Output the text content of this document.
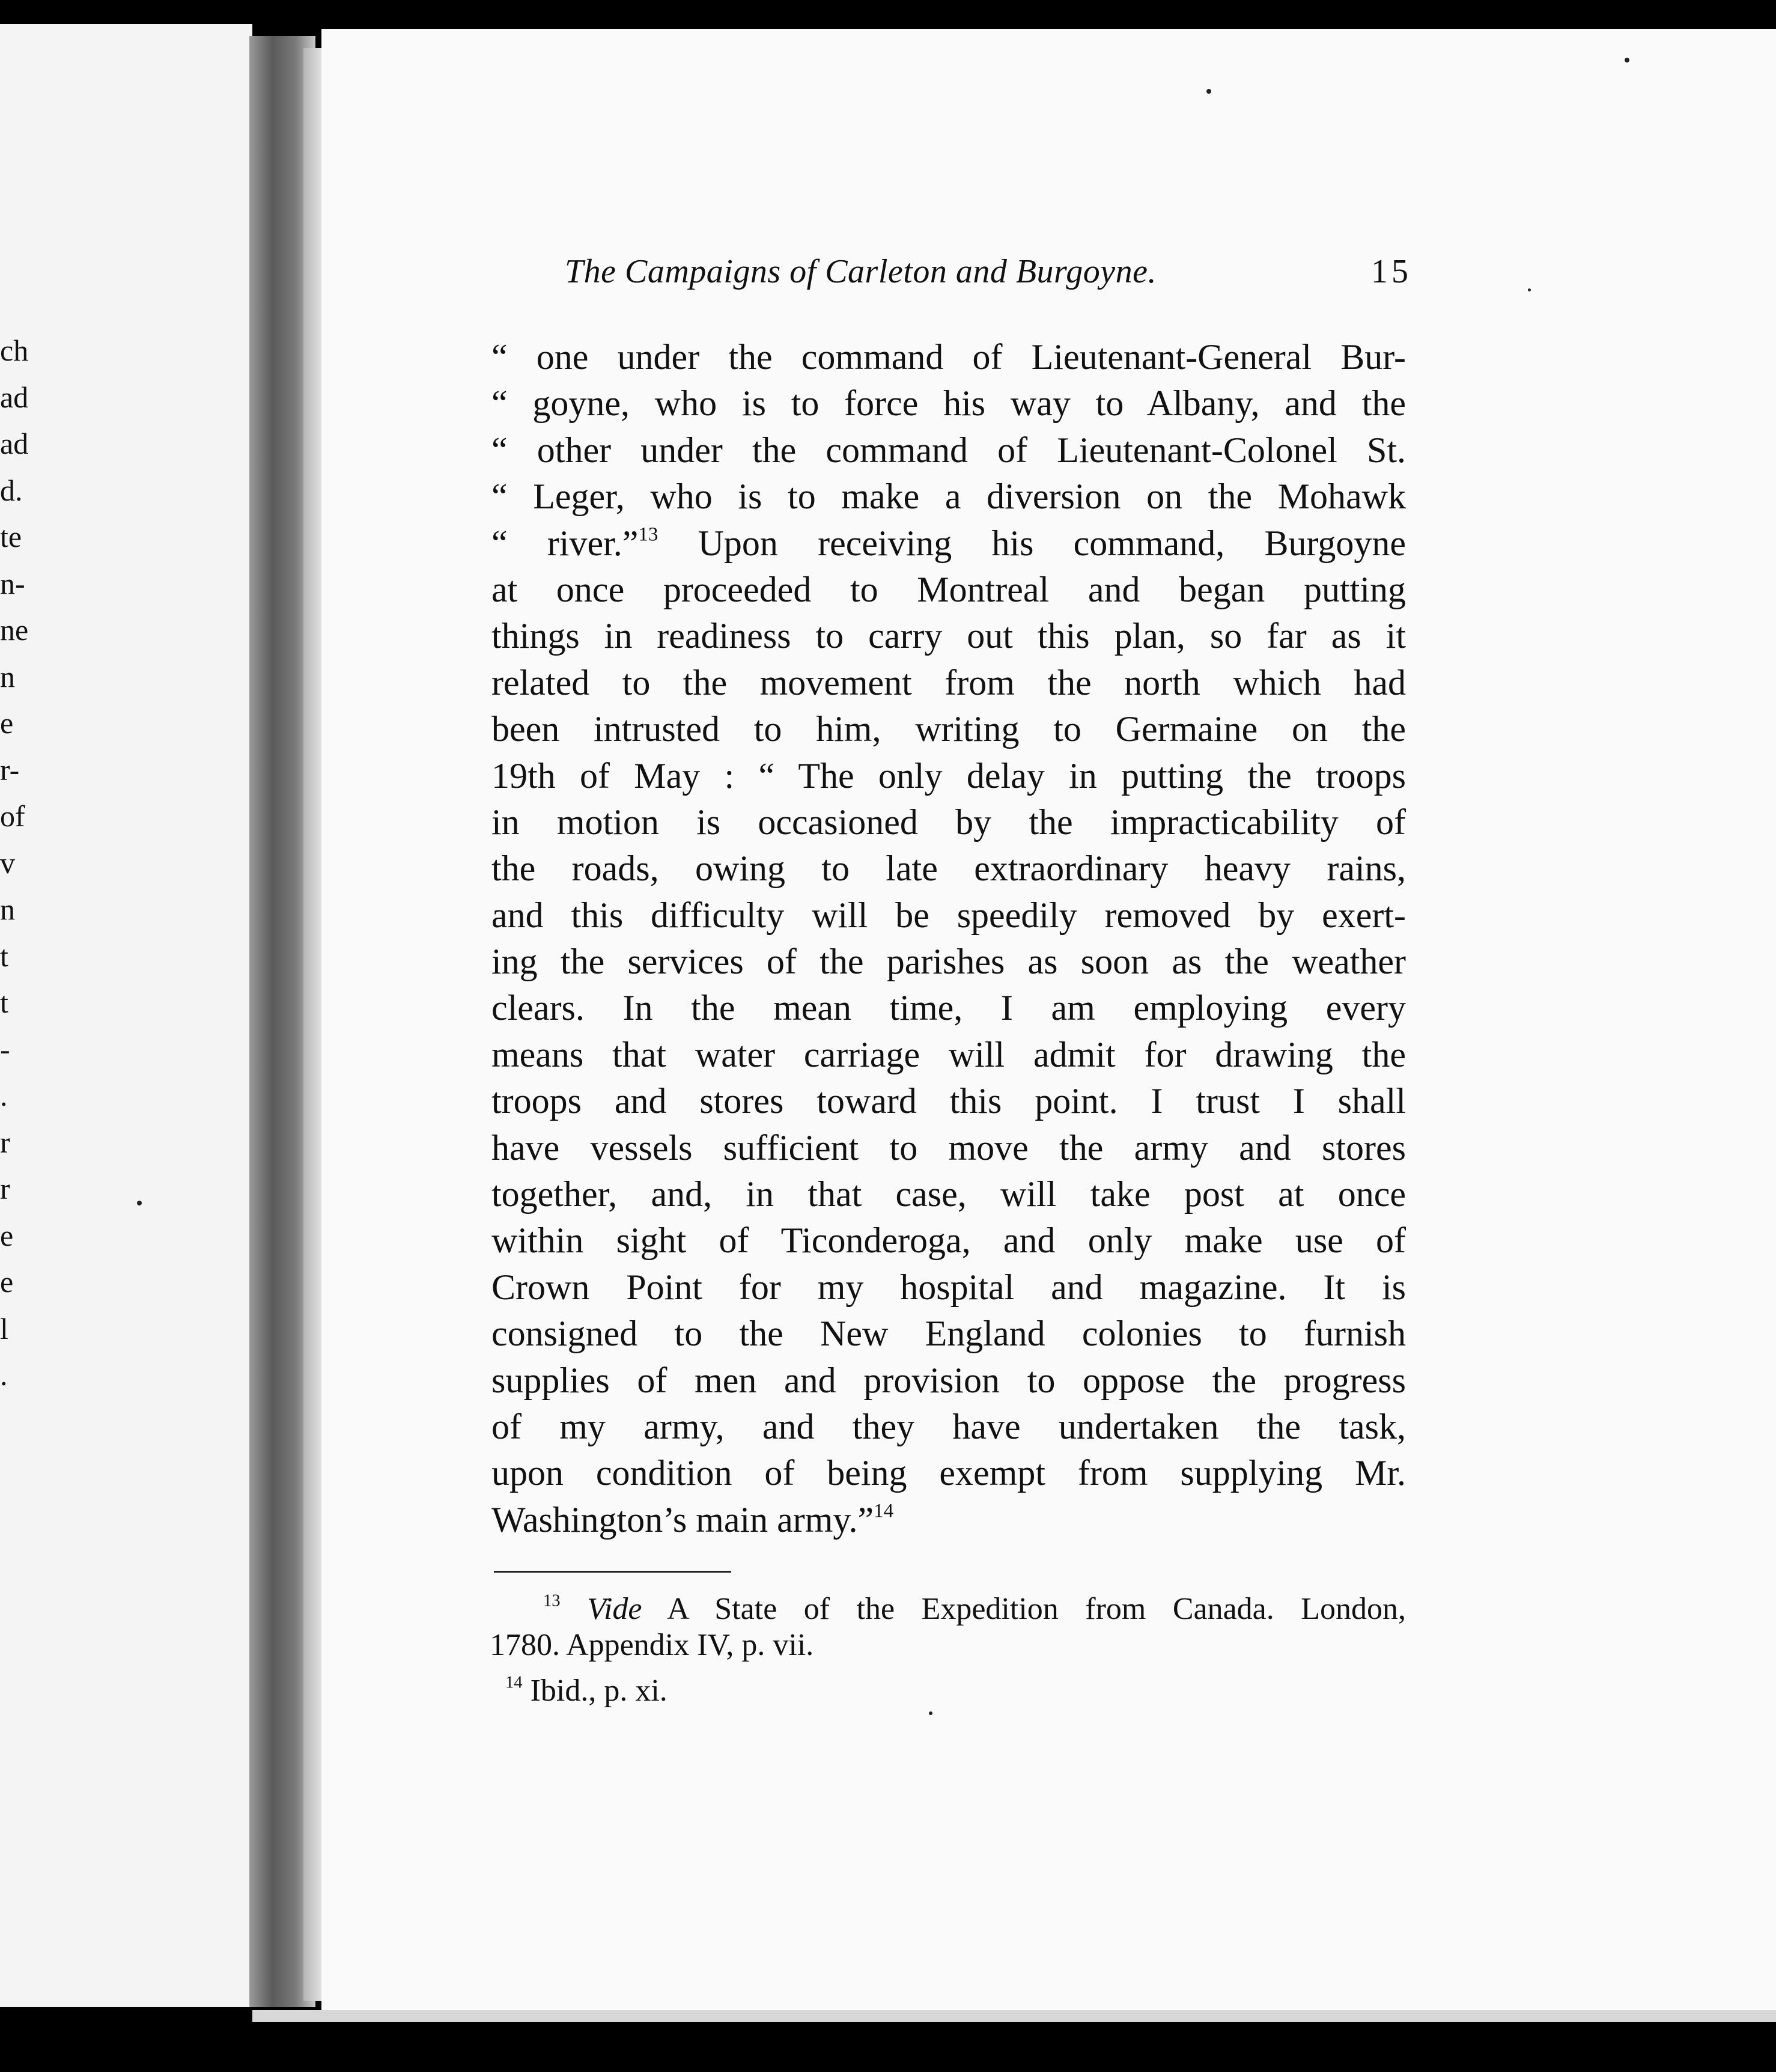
ch
ad
ad
d.
te
n-
ne
n
e
r-
of
v
n
t
t
-
.
r
r
e
e
l
.
The Campaigns of Carleton and Burgoyne.	15
“ one under the command of Lieutenant-General Bur-
“ goyne, who is to force his way to Albany, and the
“ other under the command of Lieutenant-Colonel St.
“ Leger, who is to make a diversion on the Mohawk
“ river.”$^{13}$ Upon receiving his command, Burgoyne
at once proceeded to Montreal and began putting
things in readiness to carry out this plan, so far as it
related to the movement from the north which had
been intrusted to him, writing to Germaine on the
19th of May : “ The only delay in putting the troops
in motion is occasioned by the impracticability of
the roads, owing to late extraordinary heavy rains,
and this difficulty will be speedily removed by exert-
ing the services of the parishes as soon as the weather
clears. In the mean time, I am employing every
means that water carriage will admit for drawing the
troops and stores toward this point. I trust I shall
have vessels sufficient to move the army and stores
together, and, in that case, will take post at once
within sight of Ticonderoga, and only make use of
Crown Point for my hospital and magazine. It is
consigned to the New England colonies to furnish
supplies of men and provision to oppose the progress
of my army, and they have undertaken the task,
upon condition of being exempt from supplying Mr.
Washington’s main army.”$^{14}$
$^{13}$ Vide A State of the Expedition from Canada. London,
1780. Appendix IV, p. vii.
$^{14}$ Ibid., p. xi.
